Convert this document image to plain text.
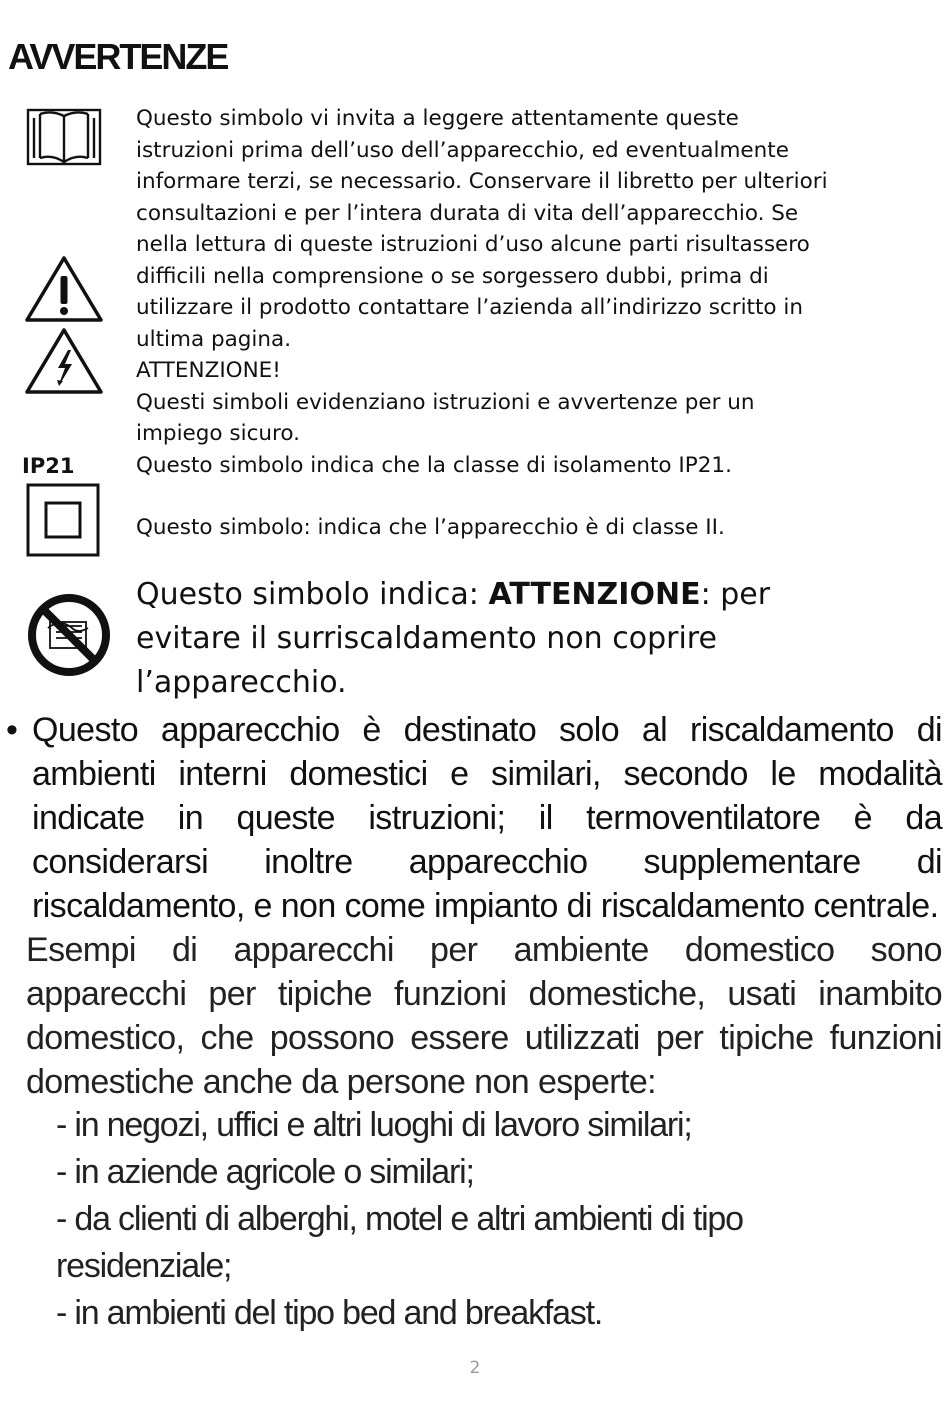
AVVERTENZE
IP21

Questo simbolo vi invita a leggere attentamente queste

istruzioni prima dell’uso dell’apparecchio, ed eventualmente

informare terzi, se necessario. Conservare il libretto per ulteriori

consultazioni e per l’intera durata di vita dell’apparecchio. Se

nella lettura di queste istruzioni d’uso alcune parti risultassero

difficili nella comprensione o se sorgessero dubbi, prima di

utilizzare il prodotto contattare l’azienda all’indirizzo scritto in

ultima pagina.

ATTENZIONE!

Questi simboli evidenziano istruzioni e avvertenze per un

impiego sicuro.

Questo simbolo indica che la classe di isolamento IP21.

Questo simbolo: indica che l’apparecchio è di classe II.

Questo simbolo indica: ATTENZIONE: per

evitare il surriscaldamento non coprire

l’apparecchio.

• Questo apparecchio è destinato solo al riscaldamento di ambienti interni domestici e similari, secondo le modalità indicate in queste istruzioni; il termoventilatore è da considerarsi inoltre apparecchio supplementare di riscaldamento, e non come impianto di riscaldamento centrale.

Esempi di apparecchi per ambiente domestico sono apparecchi per tipiche funzioni domestiche, usati inambito domestico, che possono essere utilizzati per tipiche funzioni domestiche anche da persone non esperte:

- in negozi, uffici e altri luoghi di lavoro similari;
- in aziende agricole o similari;
- da clienti di alberghi, motel e altri ambienti di tipo residenziale;
- in ambienti del tipo bed and breakfast.
2
